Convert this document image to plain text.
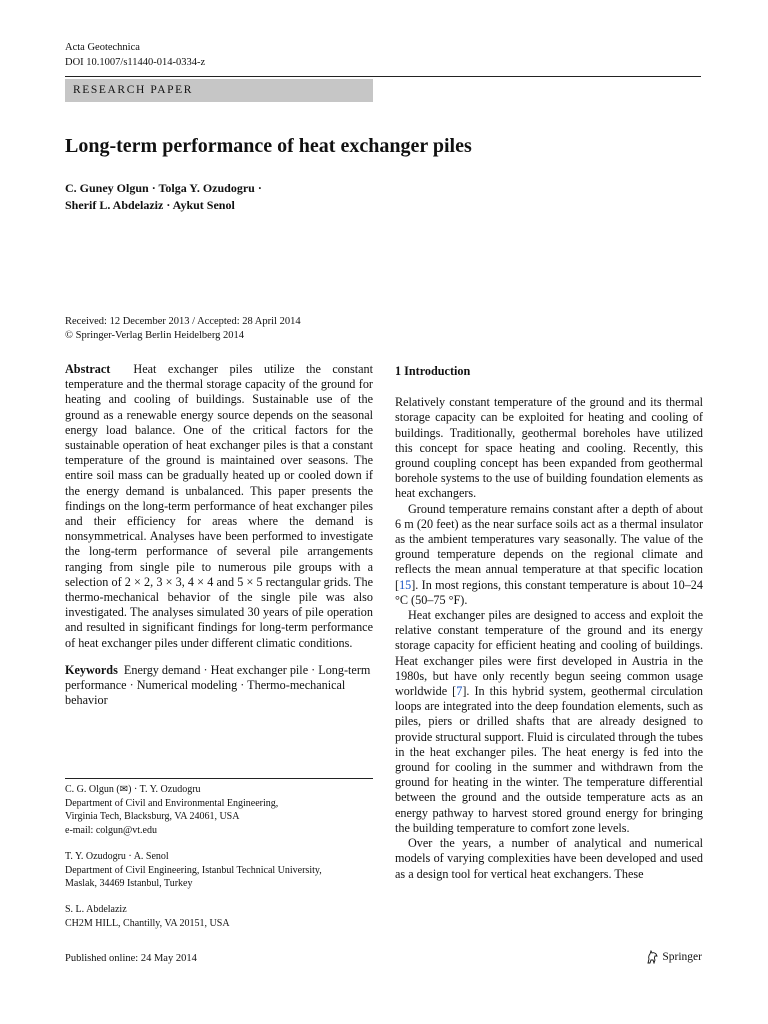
Acta Geotechnica
DOI 10.1007/s11440-014-0334-z
RESEARCH PAPER
Long-term performance of heat exchanger piles
C. Guney Olgun · Tolga Y. Ozudogru ·
Sherif L. Abdelaziz · Aykut Senol
Received: 12 December 2013 / Accepted: 28 April 2014
© Springer-Verlag Berlin Heidelberg 2014

Abstract Heat exchanger piles utilize the constant temperature and the thermal storage capacity of the ground for heating and cooling of buildings. Sustainable use of the ground as a renewable energy source depends on the seasonal energy load balance. One of the critical factors for the sustainable operation of heat exchanger piles is that a constant temperature of the ground is maintained over seasons. The entire soil mass can be gradually heated up or cooled down if the energy demand is unbalanced. This paper presents the findings on the long-term performance of heat exchanger piles and their efficiency for areas where the demand is nonsymmetrical. Analyses have been performed to investigate the long-term performance of several pile arrangements ranging from single pile to numerous pile groups with a selection of 2 × 2, 3 × 3, 4 × 4 and 5 × 5 rectangular grids. The thermo-mechanical behavior of the single pile was also investigated. The analyses simulated 30 years of pile operation and resulted in significant findings for long-term performance of heat exchanger piles under different climatic conditions.

Keywords Energy demand · Heat exchanger pile · Long-term performance · Numerical modeling · Thermo-mechanical behavior

C. G. Olgun (✉) · T. Y. Ozudogru
Department of Civil and Environmental Engineering,
Virginia Tech, Blacksburg, VA 24061, USA
e-mail: colgun@vt.edu
T. Y. Ozudogru · A. Senol
Department of Civil Engineering, Istanbul Technical University,
Maslak, 34469 Istanbul, Turkey
S. L. Abdelaziz
CH2M HILL, Chantilly, VA 20151, USA

1 Introduction

Relatively constant temperature of the ground and its thermal storage capacity can be exploited for heating and cooling of buildings. Traditionally, geothermal boreholes have utilized this concept for space heating and cooling. Recently, this ground coupling concept has been expanded from geothermal borehole systems to the use of building foundation elements as heat exchangers.

Ground temperature remains constant after a depth of about 6 m (20 feet) as the near surface soils act as a thermal insulator as the ambient temperatures vary seasonally. The value of the ground temperature depends on the regional climate and reflects the mean annual temperature at that specific location [15]. In most regions, this constant temperature is about 10–24 °C (50–75 °F).

Heat exchanger piles are designed to access and exploit the relative constant temperature of the ground and its energy storage capacity for efficient heating and cooling of buildings. Heat exchanger piles were first developed in Austria in the 1980s, but have only recently begun seeing common usage worldwide [7]. In this hybrid system, geothermal circulation loops are integrated into the deep foundation elements, such as piles, piers or drilled shafts that are already designed to provide structural support. Fluid is circulated through the tubes in the heat exchanger piles. The heat energy is fed into the ground for cooling in the summer and withdrawn from the ground for heating in the winter. The temperature differential between the ground and the outside temperature acts as an energy pathway to harvest stored ground energy for bringing the building temperature to comfort zone levels.

Over the years, a number of analytical and numerical models of varying complexities have been developed and used as a design tool for vertical heat exchangers. These

Published online: 24 May 2014	Springer
